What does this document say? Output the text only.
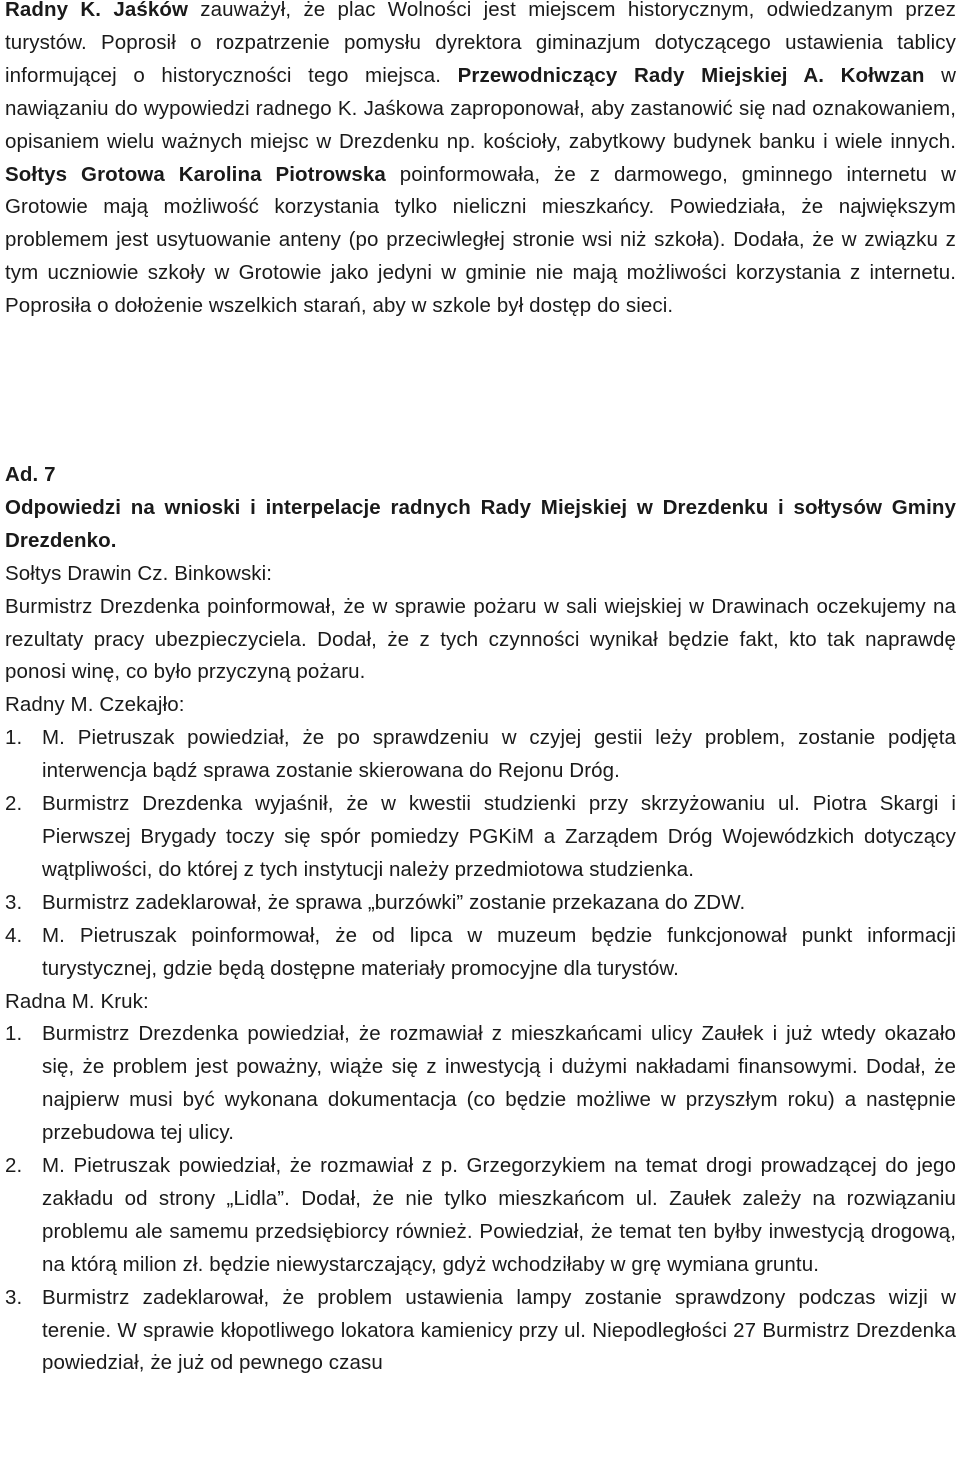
Radny K. Jaśków zauważył, że plac Wolności jest miejscem historycznym, odwiedzanym przez turystów. Poprosił o rozpatrzenie pomysłu dyrektora giminazjum dotyczącego ustawienia tablicy informującej o historyczności tego miejsca. Przewodniczący Rady Miejskiej A. Kołwzan w nawiązaniu do wypowiedzi radnego K. Jaśkowa zaproponował, aby zastanowić się nad oznakowaniem, opisaniem wielu ważnych miejsc w Drezdenku np. kościoły, zabytkowy budynek banku i wiele innych. Sołtys Grotowa Karolina Piotrowska poinformowała, że z darmowego, gminnego internetu w Grotowie mają możliwość korzystania tylko nieliczni mieszkańcy. Powiedziała, że największym problemem jest usytuowanie anteny (po przeciwległej stronie wsi niż szkoła). Dodała, że w związku z tym uczniowie szkoły w Grotowie jako jedyni w gminie nie mają możliwości korzystania z internetu. Poprosiła o dołożenie wszelkich starań, aby w szkole był dostęp do sieci.

Ad. 7

Odpowiedzi na wnioski i interpelacje radnych Rady Miejskiej w Drezdenku i sołtysów Gminy Drezdenko.

Sołtys Drawin Cz. Binkowski:

Burmistrz Drezdenka poinformował, że w sprawie pożaru w sali wiejskiej w Drawinach oczekujemy na rezultaty pracy ubezpieczyciela. Dodał, że z tych czynności wynikał będzie fakt, kto tak naprawdę ponosi winę, co było przyczyną pożaru.

Radny M. Czekajło:

1. M. Pietruszak powiedział, że po sprawdzeniu w czyjej gestii leży problem, zostanie podjęta interwencja bądź sprawa zostanie skierowana do Rejonu Dróg.
2. Burmistrz Drezdenka wyjaśnił, że w kwestii studzienki przy skrzyżowaniu ul. Piotra Skargi i Pierwszej Brygady toczy się spór pomiedzy PGKiM a Zarządem Dróg Wojewódzkich dotyczący wątpliwości, do której z tych instytucji należy przedmiotowa studzienka.
3. Burmistrz zadeklarował, że sprawa „burzówki” zostanie przekazana do ZDW.
4. M. Pietruszak poinformował, że od lipca w muzeum będzie funkcjonował punkt informacji turystycznej, gdzie będą dostępne materiały promocyjne dla turystów.

Radna M. Kruk:

1. Burmistrz Drezdenka powiedział, że rozmawiał z mieszkańcami ulicy Zaułek i już wtedy okazało się, że problem jest poważny, wiąże się z inwestycją i dużymi nakładami finansowymi. Dodał, że najpierw musi być wykonana dokumentacja (co będzie możliwe w przyszłym roku) a następnie przebudowa tej ulicy.
2. M. Pietruszak powiedział, że rozmawiał z p. Grzegorzykiem na temat drogi prowadzącej do jego zakładu od strony „Lidla”. Dodał, że nie tylko mieszkańcom ul. Zaułek zależy na rozwiązaniu problemu ale samemu przedsiębiorcy również. Powiedział, że temat ten byłby inwestycją drogową, na którą milion zł. będzie niewystarczający, gdyż wchodziłaby w grę wymiana gruntu.
3. Burmistrz zadeklarował, że problem ustawienia lampy zostanie sprawdzony podczas wizji w terenie. W sprawie kłopotliwego lokatora kamienicy przy ul. Niepodległości 27 Burmistrz Drezdenka powiedział, że już od pewnego czasu
